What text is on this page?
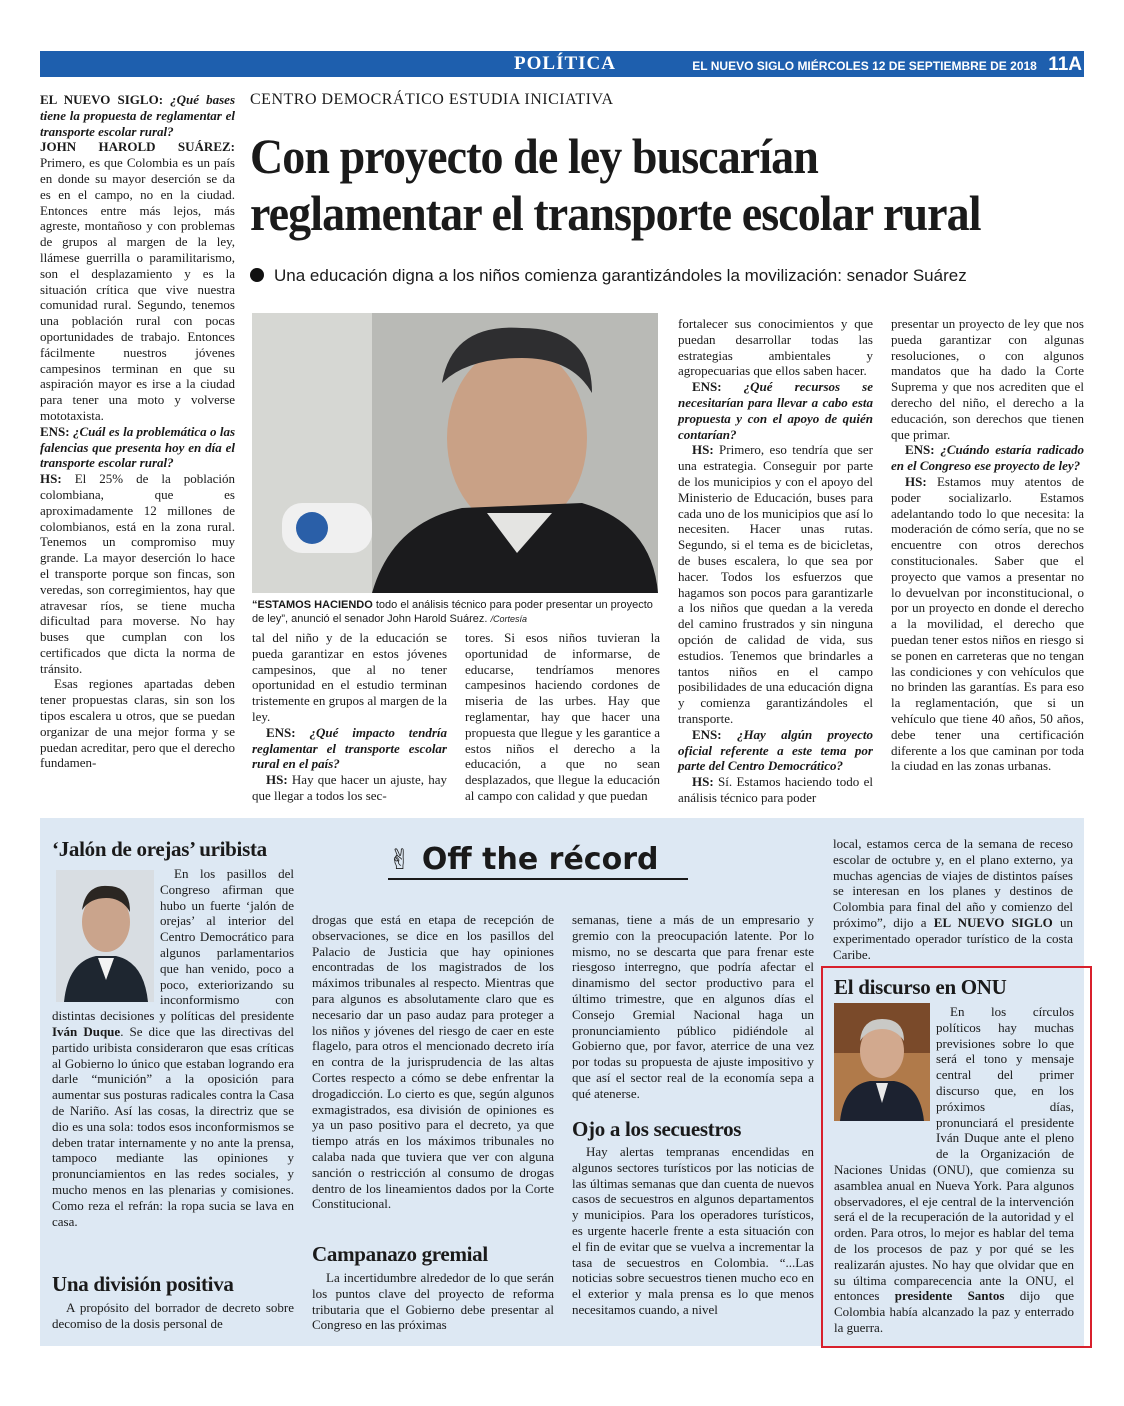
POLÍTICA	EL NUEVO SIGLO MIÉRCOLES 12 DE SEPTIEMBRE DE 2018 11A
CENTRO DEMOCRÁTICO ESTUDIA INICIATIVA
Con proyecto de ley buscarían
reglamentar el transporte escolar rural
Una educación digna a los niños comienza garantizándoles la movilización: senador Suárez

EL NUEVO SIGLO: ¿Qué bases tiene la propuesta de reglamentar el transporte escolar rural?

JOHN HAROLD SUÁREZ: Primero, es que Colombia es un país en donde su mayor deserción se da es en el campo, no en la ciudad. Entonces entre más lejos, más agreste, montañoso y con problemas de grupos al margen de la ley, llámese guerrilla o paramilitarismo, son el desplazamiento y es la situación crítica que vive nuestra comunidad rural. Segundo, tenemos una población rural con pocas oportunidades de trabajo. Entonces fácilmente nuestros jóvenes campesinos terminan en que su aspiración mayor es irse a la ciudad para tener una moto y volverse mototaxista.

ENS: ¿Cuál es la problemática o las falencias que presenta hoy en día el transporte escolar rural?

HS: El 25% de la población colombiana, que es aproximadamente 12 millones de colombianos, está en la zona rural. Tenemos un compromiso muy grande. La mayor deserción lo hace el transporte porque son fincas, son veredas, son corregimientos, hay que atravesar ríos, se tiene mucha dificultad para moverse. No hay buses que cumplan con los certificados que dicta la norma de tránsito.

Esas regiones apartadas deben tener propuestas claras, sin son los tipos escalera u otros, que se puedan organizar de una mejor forma y se puedan acreditar, pero que el derecho fundamen-

“ESTAMOS HACIENDO todo el análisis técnico para poder presentar un proyecto de ley”, anunció el senador John Harold Suárez. /Cortesía

tal del niño y de la educación se pueda garantizar en estos jóvenes campesinos, que al no tener oportunidad en el estudio terminan tristemente en grupos al margen de la ley.

ENS: ¿Qué impacto tendría reglamentar el transporte escolar rural en el país?

HS: Hay que hacer un ajuste, hay que llegar a todos los sec-

tores. Si esos niños tuvieran la oportunidad de informarse, de educarse, tendríamos menores campesinos haciendo cordones de miseria de las urbes. Hay que reglamentar, hay que hacer una propuesta que llegue y les garantice a estos niños el derecho a la educación, a que no sean desplazados, que llegue la educación al campo con calidad y que puedan

fortalecer sus conocimientos y que puedan desarrollar todas las estrategias ambientales y agropecuarias que ellos saben hacer.

ENS: ¿Qué recursos se necesitarían para llevar a cabo esta propuesta y con el apoyo de quién contarían?

HS: Primero, eso tendría que ser una estrategia. Conseguir por parte de los municipios y con el apoyo del Ministerio de Educación, buses para cada uno de los municipios que así lo necesiten. Hacer unas rutas. Segundo, si el tema es de bicicletas, de buses escalera, lo que sea por hacer. Todos los esfuerzos que hagamos son pocos para garantizarle a los niños que quedan a la vereda del camino frustrados y sin ninguna opción de calidad de vida, sus estudios. Tenemos que brindarles a tantos niños en el campo posibilidades de una educación digna y comienza garantizándoles el transporte.

ENS: ¿Hay algún proyecto oficial referente a este tema por parte del Centro Democrático?

HS: Sí. Estamos haciendo todo el análisis técnico para poder

presentar un proyecto de ley que nos pueda garantizar con algunas resoluciones, o con algunos mandatos que ha dado la Corte Suprema y que nos acrediten que el derecho del niño, el derecho a la educación, son derechos que tienen que primar.

ENS: ¿Cuándo estaría radicado en el Congreso ese proyecto de ley?

HS: Estamos muy atentos de poder socializarlo. Estamos adelantando todo lo que necesita: la moderación de cómo sería, que no se encuentre con otros derechos constitucionales. Saber que el proyecto que vamos a presentar no lo devuelvan por inconstitucional, o por un proyecto en donde el derecho a la movilidad, el derecho que puedan tener estos niños en riesgo si se ponen en carreteras que no tengan las condiciones y con vehículos que no brinden las garantías. Es para eso la reglamentación, que si un vehículo que tiene 40 años, 50 años, debe tener una certificación diferente a los que caminan por toda la ciudad en las zonas urbanas.

✌ Off the récord
‘Jalón de orejas’ uribista

En los pasillos del Congreso afirman que hubo un fuerte ‘jalón de orejas’ al interior del Centro Democrático para algunos parlamentarios que han venido, poco a poco, exteriorizando su inconformismo con distintas decisiones y políticas del presidente Iván Duque. Se dice que las directivas del partido uribista consideraron que esas críticas al Gobierno lo único que estaban logrando era darle “munición” a la oposición para aumentar sus posturas radicales contra la Casa de Nariño. Así las cosas, la directriz que se dio es una sola: todos esos inconformismos se deben tratar internamente y no ante la prensa, tampoco mediante las opiniones y pronunciamientos en las redes sociales, y mucho menos en las plenarias y comisiones. Como reza el refrán: la ropa sucia se lava en casa.

Una división positiva

A propósito del borrador de decreto sobre decomiso de la dosis personal de

drogas que está en etapa de recepción de observaciones, se dice en los pasillos del Palacio de Justicia que hay opiniones encontradas de los magistrados de los máximos tribunales al respecto. Mientras que para algunos es absolutamente claro que es necesario dar un paso audaz para proteger a los niños y jóvenes del riesgo de caer en este flagelo, para otros el mencionado decreto iría en contra de la jurisprudencia de las altas Cortes respecto a cómo se debe enfrentar la drogadicción. Lo cierto es que, según algunos exmagistrados, esa división de opiniones es ya un paso positivo para el decreto, ya que tiempo atrás en los máximos tribunales no calaba nada que tuviera que ver con alguna sanción o restricción al consumo de drogas dentro de los lineamientos dados por la Corte Constitucional.

Campanazo gremial

La incertidumbre alrededor de lo que serán los puntos clave del proyecto de reforma tributaria que el Gobierno debe presentar al Congreso en las próximas

semanas, tiene a más de un empresario y gremio con la preocupación latente. Por lo mismo, no se descarta que para frenar este riesgoso interregno, que podría afectar el dinamismo del sector productivo para el último trimestre, que en algunos días el Consejo Gremial Nacional haga un pronunciamiento público pidiéndole al Gobierno que, por favor, aterrice de una vez por todas su propuesta de ajuste impositivo y que así el sector real de la economía sepa a qué atenerse.

Ojo a los secuestros

Hay alertas tempranas encendidas en algunos sectores turísticos por las noticias de las últimas semanas que dan cuenta de nuevos casos de secuestros en algunos departamentos y municipios. Para los operadores turísticos, es urgente hacerle frente a esta situación con el fin de evitar que se vuelva a incrementar la tasa de secuestros en Colombia. “...Las noticias sobre secuestros tienen mucho eco en el exterior y mala prensa es lo que menos necesitamos cuando, a nivel

local, estamos cerca de la semana de receso escolar de octubre y, en el plano externo, ya muchas agencias de viajes de distintos países se interesan en los planes y destinos de Colombia para final del año y comienzo del próximo”, dijo a EL NUEVO SIGLO un experimentado operador turístico de la costa Caribe.

El discurso en ONU

En los círculos políticos hay muchas previsiones sobre lo que será el tono y mensaje central del primer discurso que, en los próximos días, pronunciará el presidente Iván Duque ante el pleno de la Organización de Naciones Unidas (ONU), que comienza su asamblea anual en Nueva York. Para algunos observadores, el eje central de la intervención será el de la recuperación de la autoridad y el orden. Para otros, lo mejor es hablar del tema de los procesos de paz y por qué se les realizarán ajustes. No hay que olvidar que en su última comparecencia ante la ONU, el entonces presidente Santos dijo que Colombia había alcanzado la paz y enterrado la guerra.
